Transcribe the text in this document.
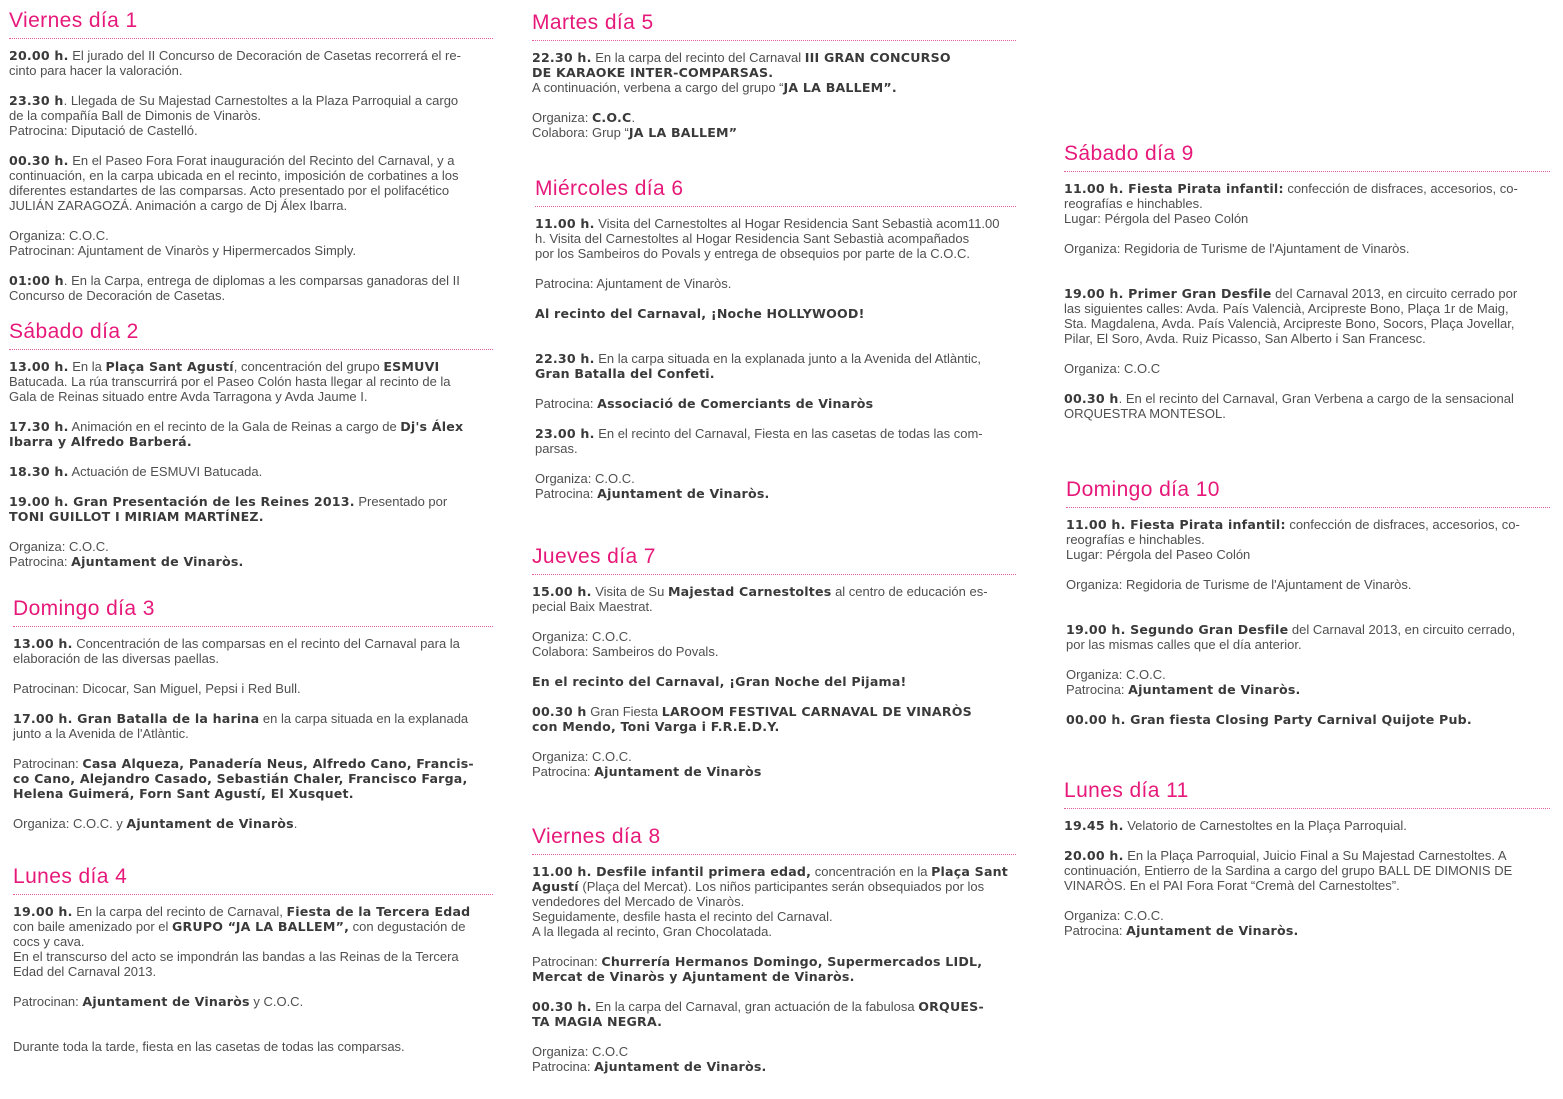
Viernes día 1

20.00 h. El jurado del II Concurso de Decoración de Casetas recorrerá el re-
cinto para hacer la valoración.

23.30 h. Llegada de Su Majestad Carnestoltes a la Plaza Parroquial a cargo
de la compañía Ball de Dimonis de Vinaròs.
Patrocina: Diputació de Castelló.

00.30 h. En el Paseo Fora Forat inauguración del Recinto del Carnaval, y a
continuación, en la carpa ubicada en el recinto, imposición de corbatines a los
diferentes estandartes de las comparsas. Acto presentado por el polifacético
JULIÁN ZARAGOZÁ. Animación a cargo de Dj Álex Ibarra.

Organiza: C.O.C.
Patrocinan: Ajuntament de Vinaròs y Hipermercados Simply.

01:00 h. En la Carpa, entrega de diplomas a les comparsas ganadoras del II
Concurso de Decoración de Casetas.

Sábado día 2

13.00 h. En la Plaça Sant Agustí, concentración del grupo ESMUVI
Batucada. La rúa transcurrirá por el Paseo Colón hasta llegar al recinto de la
Gala de Reinas situado entre Avda Tarragona y Avda Jaume I.

17.30 h. Animación en el recinto de la Gala de Reinas a cargo de Dj's Álex
Ibarra y Alfredo Barberá.

18.30 h. Actuación de ESMUVI Batucada.

19.00 h. Gran Presentación de les Reines 2013. Presentado por
TONI GUILLOT I MIRIAM MARTÍNEZ.

Organiza: C.O.C.
Patrocina: Ajuntament de Vinaròs.

Domingo día 3

13.00 h. Concentración de las comparsas en el recinto del Carnaval para la
elaboración de las diversas paellas.

Patrocinan: Dicocar, San Miguel, Pepsi i Red Bull.

17.00 h. Gran Batalla de la harina en la carpa situada en la explanada
junto a la Avenida de l'Atlàntic.

Patrocinan: Casa Alqueza, Panadería Neus, Alfredo Cano, Francis-
co Cano, Alejandro Casado, Sebastián Chaler, Francisco Farga,
Helena Guimerá, Forn Sant Agustí, El Xusquet.

Organiza: C.O.C. y Ajuntament de Vinaròs.

Lunes día 4

19.00 h. En la carpa del recinto de Carnaval, Fiesta de la Tercera Edad
con baile amenizado por el GRUPO “JA LA BALLEM”, con degustación de
cocs y cava.
En el transcurso del acto se impondrán las bandas a las Reinas de la Tercera
Edad del Carnaval 2013.

Patrocinan: Ajuntament de Vinaròs y C.O.C.

Durante toda la tarde, fiesta en las casetas de todas las comparsas.

Martes día 5

22.30 h. En la carpa del recinto del Carnaval III GRAN CONCURSO
DE KARAOKE INTER-COMPARSAS.
A continuación, verbena a cargo del grupo “JA LA BALLEM”.

Organiza: C.O.C.
Colabora: Grup “JA LA BALLEM”

Miércoles día 6

11.00 h. Visita del Carnestoltes al Hogar Residencia Sant Sebastià acom11.00
h. Visita del Carnestoltes al Hogar Residencia Sant Sebastià acompañados
por los Sambeiros do Povals y entrega de obsequios por parte de la C.O.C.

Patrocina: Ajuntament de Vinaròs.

Al recinto del Carnaval, ¡Noche HOLLYWOOD!

22.30 h. En la carpa situada en la explanada junto a la Avenida del Atlàntic,
Gran Batalla del Confeti.

Patrocina: Associació de Comerciants de Vinaròs

23.00 h. En el recinto del Carnaval, Fiesta en las casetas de todas las com-
parsas.

Organiza: C.O.C.
Patrocina: Ajuntament de Vinaròs.

Jueves día 7

15.00 h. Visita de Su Majestad Carnestoltes al centro de educación es-
pecial Baix Maestrat.

Organiza: C.O.C.
Colabora: Sambeiros do Povals.

En el recinto del Carnaval, ¡Gran Noche del Pijama!

00.30 h Gran Fiesta LAROOM FESTIVAL CARNAVAL DE VINARÒS
con Mendo, Toni Varga i F.R.E.D.Y.

Organiza: C.O.C.
Patrocina: Ajuntament de Vinaròs

Viernes día 8

11.00 h. Desfile infantil primera edad, concentración en la Plaça Sant
Agustí (Plaça del Mercat). Los niños participantes serán obsequiados por los
vendedores del Mercado de Vinaròs.
Seguidamente, desfile hasta el recinto del Carnaval.
A la llegada al recinto, Gran Chocolatada.

Patrocinan: Churrería Hermanos Domingo, Supermercados LIDL,
Mercat de Vinaròs y Ajuntament de Vinaròs.

00.30 h. En la carpa del Carnaval, gran actuación de la fabulosa ORQUES-
TA MAGIA NEGRA.

Organiza: C.O.C
Patrocina: Ajuntament de Vinaròs.

Sábado día 9

11.00 h. Fiesta Pirata infantil: confección de disfraces, accesorios, co-
reografías e hinchables.
Lugar: Pérgola del Paseo Colón

Organiza: Regidoria de Turisme de l'Ajuntament de Vinaròs.

19.00 h. Primer Gran Desfile del Carnaval 2013, en circuito cerrado por
las siguientes calles: Avda. País Valencià, Arcipreste Bono, Plaça 1r de Maig,
Sta. Magdalena, Avda. País Valencià, Arcipreste Bono, Socors, Plaça Jovellar,
Pilar, El Soro, Avda. Ruiz Picasso, San Alberto i San Francesc.

Organiza: C.O.C

00.30 h. En el recinto del Carnaval, Gran Verbena a cargo de la sensacional
ORQUESTRA MONTESOL.

Domingo día 10

11.00 h. Fiesta Pirata infantil: confección de disfraces, accesorios, co-
reografías e hinchables.
Lugar: Pérgola del Paseo Colón

Organiza: Regidoria de Turisme de l'Ajuntament de Vinaròs.

19.00 h. Segundo Gran Desfile del Carnaval 2013, en circuito cerrado,
por las mismas calles que el día anterior.

Organiza: C.O.C.
Patrocina: Ajuntament de Vinaròs.

00.00 h. Gran fiesta Closing Party Carnival Quijote Pub.

Lunes día 11

19.45 h. Velatorio de Carnestoltes en la Plaça Parroquial.

20.00 h. En la Plaça Parroquial, Juicio Final a Su Majestad Carnestoltes. A
continuación, Entierro de la Sardina a cargo del grupo BALL DE DIMONIS DE
VINARÒS. En el PAI Fora Forat “Cremà del Carnestoltes”.

Organiza: C.O.C.
Patrocina: Ajuntament de Vinaròs.
